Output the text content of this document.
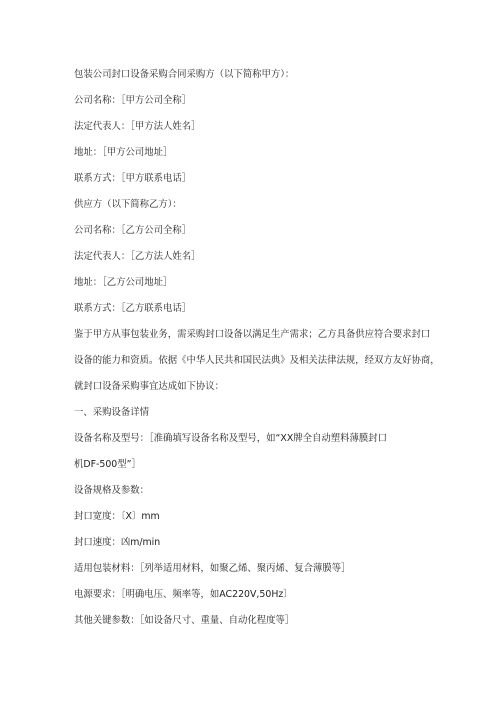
包装公司封口设备采购合同采购方（以下简称甲方）：
公司名称：［甲方公司全称］
法定代表人：［甲方法人姓名］
地址：［甲方公司地址］
联系方式：［甲方联系电话］
供应方（以下简称乙方）：
公司名称：［乙方公司全称］
法定代表人：［乙方法人姓名］
地址：［乙方公司地址］
联系方式：［乙方联系电话］
鉴于甲方从事包装业务，需采购封口设备以满足生产需求；乙方具备供应符合要求封口
设备的能力和资质。依据《中华人民共和国民法典》及相关法律法规，经双方友好协商，
就封口设备采购事宜达成如下协议：
一、采购设备详情
设备名称及型号：［准确填写设备名称及型号，如“XX牌全自动塑料薄膜封口
机DF-500型”］
设备规格及参数：
封口宽度：〔X〕mm
封口速度：凶m/min
适用包装材料：［列举适用材料，如聚乙烯、聚丙烯、复合薄膜等］
电源要求：［明确电压、频率等，如AC220V,50Hz〕
其他关键参数：［如设备尺寸、重量、自动化程度等］
